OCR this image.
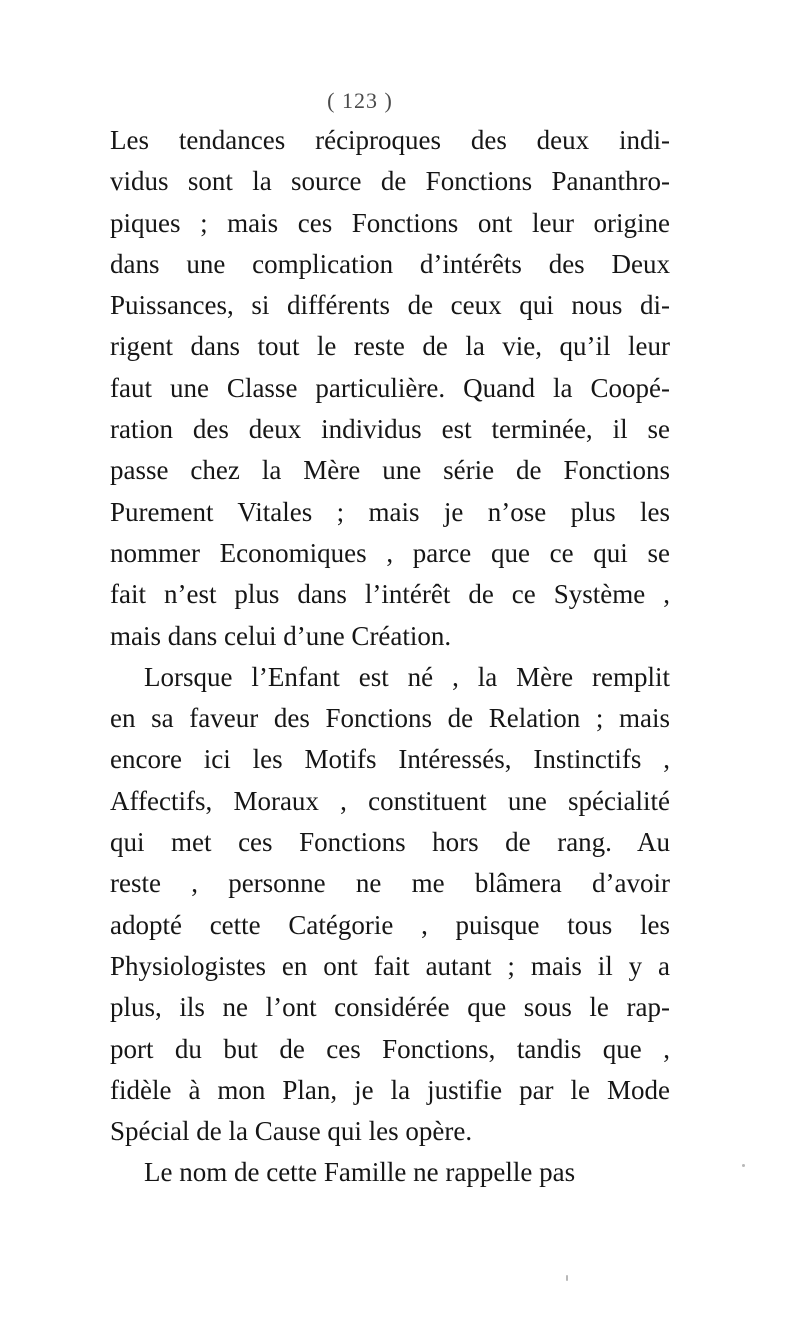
( 123 )
Les tendances réciproques des deux indi-
vidus sont la source de Fonctions Pananthro-
piques ; mais ces Fonctions ont leur origine
dans une complication d’intérêts des Deux
Puissances, si différents de ceux qui nous di-
rigent dans tout le reste de la vie, qu’il leur
faut une Classe particulière. Quand la Coopé-
ration des deux individus est terminée, il se
passe chez la Mère une série de Fonctions
Purement Vitales ; mais je n’ose plus les
nommer Economiques , parce que ce qui se
fait n’est plus dans l’intérêt de ce Système ,
mais dans celui d’une Création.
Lorsque l’Enfant est né , la Mère remplit
en sa faveur des Fonctions de Relation ; mais
encore ici les Motifs Intéressés, Instinctifs ,
Affectifs, Moraux , constituent une spécialité
qui met ces Fonctions hors de rang. Au
reste , personne ne me blâmera d’avoir
adopté cette Catégorie , puisque tous les
Physiologistes en ont fait autant ; mais il y a
plus, ils ne l’ont considérée que sous le rap-
port du but de ces Fonctions, tandis que ,
fidèle à mon Plan, je la justifie par le Mode
Spécial de la Cause qui les opère.
Le nom de cette Famille ne rappelle pas
